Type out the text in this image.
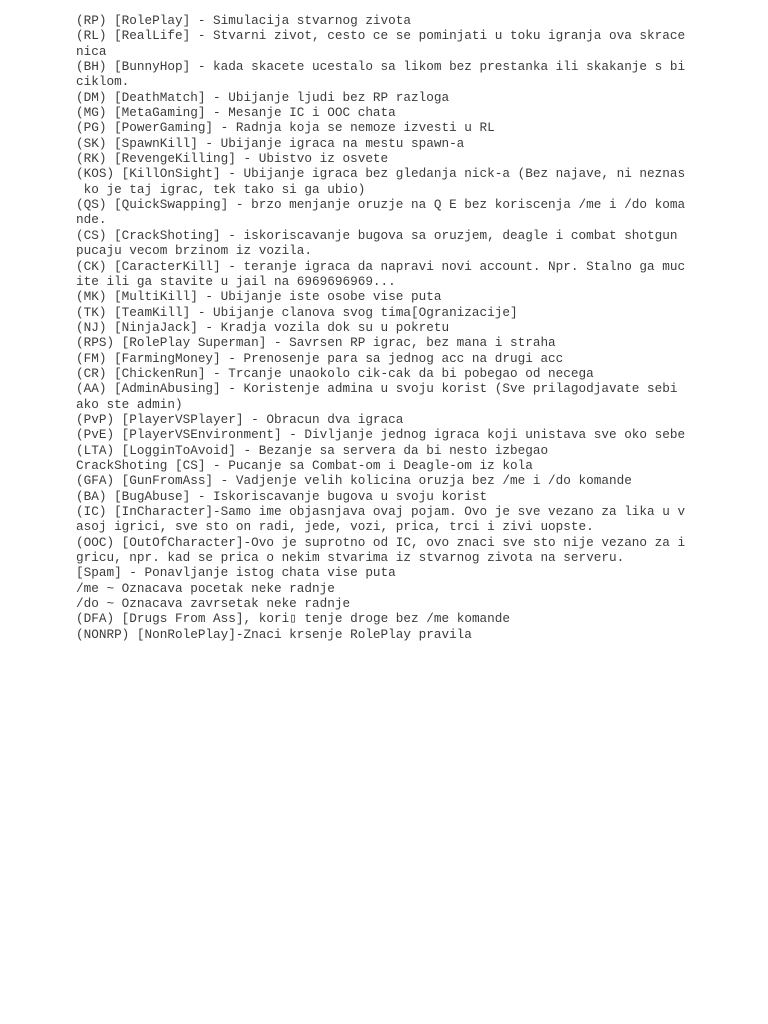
(RP) [RolePlay] - Simulacija stvarnog zivota
(RL) [RealLife] - Stvarni zivot, cesto ce se pominjati u toku igranja ova skrace
nica
(BH) [BunnyHop] - kada skacete ucestalo sa likom bez prestanka ili skakanje s bi
ciklom.
(DM) [DeathMatch] - Ubijanje ljudi bez RP razloga
(MG) [MetaGaming] - Mesanje IC i OOC chata
(PG) [PowerGaming] - Radnja koja se nemoze izvesti u RL
(SK) [SpawnKill] - Ubijanje igraca na mestu spawn-a
(RK) [RevengeKilling] - Ubistvo iz osvete
(KOS) [KillOnSight] - Ubijanje igraca bez gledanja nick-a (Bez najave, ni neznas
ko je taj igrac, tek tako si ga ubio)
(QS) [QuickSwapping] - brzo menjanje oruzje na Q E bez koriscenja /me i /do koma
nde.
(CS) [CrackShoting] - iskoriscavanje bugova sa oruzjem, deagle i combat shotgun
pucaju vecom brzinom iz vozila.
(CK) [CaracterKill] - teranje igraca da napravi novi account. Npr. Stalno ga muc
ite ili ga stavite u jail na 6969696969...
(MK) [MultiKill] - Ubijanje iste osobe vise puta
(TK) [TeamKill] - Ubijanje clanova svog tima[Ogranizacije]
(NJ) [NinjaJack] - Kradja vozila dok su u pokretu
(RPS) [RolePlay Superman] - Savrsen RP igrac, bez mana i straha
(FM) [FarmingMoney] - Prenosenje para sa jednog acc na drugi acc
(CR) [ChickenRun] - Trcanje unaokolo cik-cak da bi pobegao od necega
(AA) [AdminAbusing] - Koristenje admina u svoju korist (Sve prilagodjavate sebi
ako ste admin)
(PvP) [PlayerVSPlayer] - Obracun dva igraca
(PvE) [PlayerVSEnvironment] - Divljanje jednog igraca koji unistava sve oko sebe
(LTA) [LogginToAvoid] - Bezanje sa servera da bi nesto izbegao
CrackShoting [CS] - Pucanje sa Combat-om i Deagle-om iz kola
(GFA) [GunFromAss] - Vadjenje velih kolicina oruzja bez /me i /do komande
(BA) [BugAbuse] - Iskoriscavanje bugova u svoju korist
(IC) [InCharacter]-Samo ime objasnjava ovaj pojam. Ovo je sve vezano za lika u v
asoj igrici, sve sto on radi, jede, vozi, prica, trci i zivi uopste.
(OOC) [OutOfCharacter]-Ovo je suprotno od IC, ovo znaci sve sto nije vezano za i
gricu, npr. kad se prica o nekim stvarima iz stvarnog zivota na serveru.
[Spam] - Ponavljanje istog chata vise puta
/me ~ Oznacava pocetak neke radnje
/do ~ Oznacava zavrsetak neke radnje
(DFA) [Drugs From Ass], kori▯ tenje droge bez /me komande
(NONRP) [NonRolePlay]-Znaci krsenje RolePlay pravila
